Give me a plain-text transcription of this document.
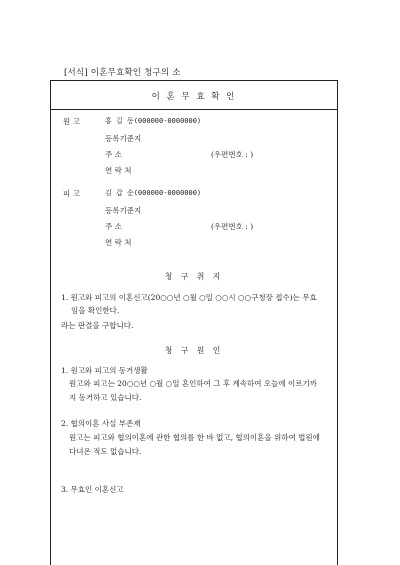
[서식] 이혼무효확인 청구의 소
이 혼 무 효 확 인
원 고	홍 길 동(000000-0000000)
등록기준지
주 소	(우편번호 : )
연 락 처
피 고	김 갑 순(000000-0000000)
등록기준지
주 소	(우편번호 : )
연 락 처
청 구 취 지
1. 원고와 피고의 이혼신고(20○○년 ○월 ○일 ○○시 ○○구청장 접수)는 무효
임을 확인한다.
라는 판결을 구합니다.
청 구 원 인
1. 원고와 피고의 동거생활
원고와 피고는 20○○년 ○월 ○일 혼인하여 그 후 계속하여 오늘에 이르기까
지 동거하고 있습니다.
2. 협의이혼 사실 부존재
원고는 피고와 협의이혼에 관한 협의를 한 바 없고, 협의이혼을 위하여 법원에
다녀온 적도 없습니다.
3. 무효인 이혼신고
